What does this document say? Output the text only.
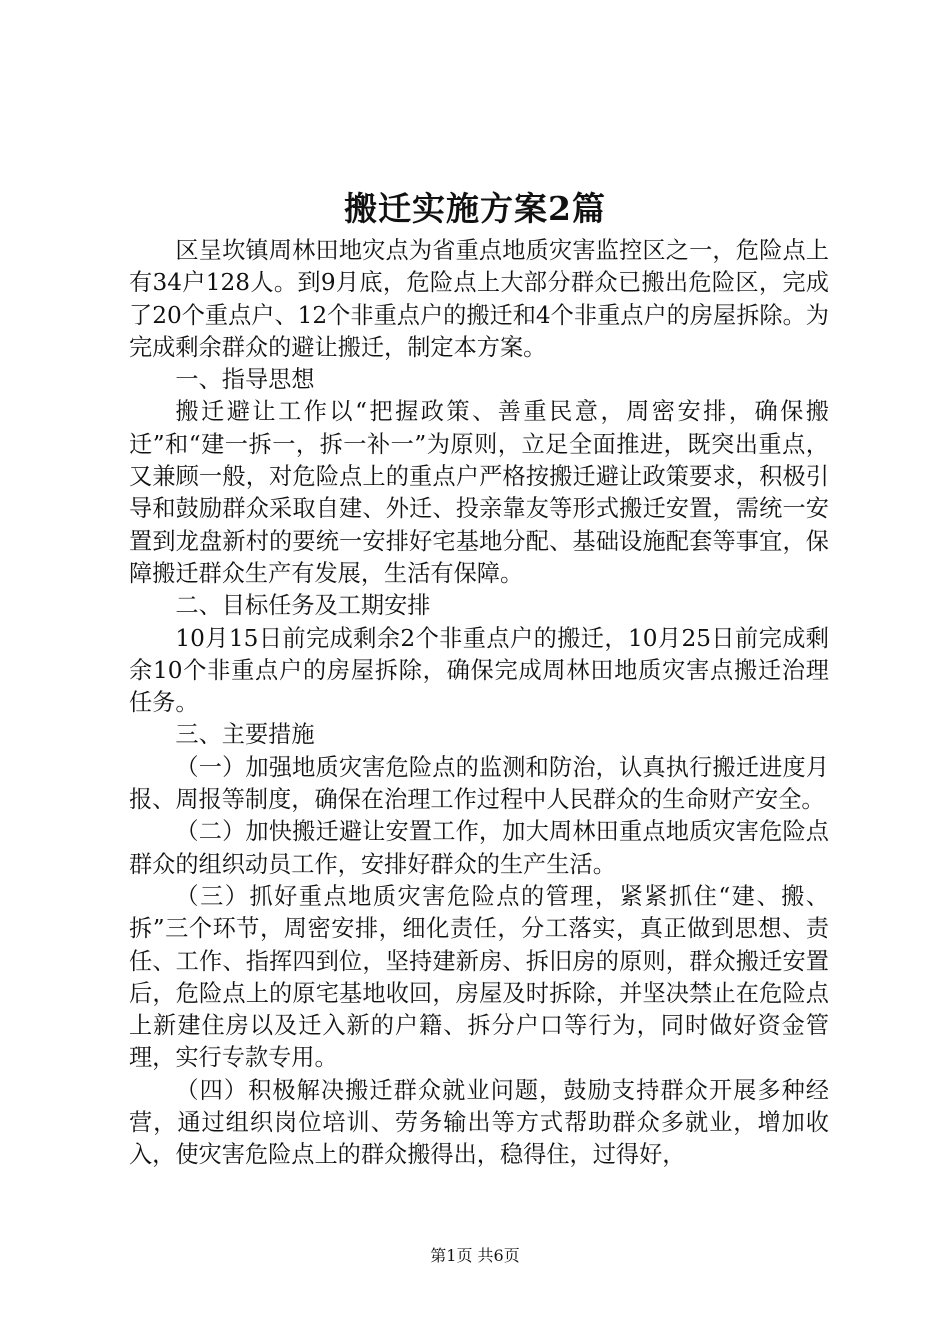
搬迁实施方案2篇

区呈坎镇周林田地灾点为省重点地质灾害监控区之一，危险点上有34户128人。到9月底，危险点上大部分群众已搬出危险区，完成了20个重点户、12个非重点户的搬迁和4个非重点户的房屋拆除。为完成剩余群众的避让搬迁，制定本方案。

一、指导思想

搬迁避让工作以“把握政策、善重民意，周密安排，确保搬迁”和“建一拆一，拆一补一”为原则，立足全面推进，既突出重点，又兼顾一般，对危险点上的重点户严格按搬迁避让政策要求，积极引导和鼓励群众采取自建、外迁、投亲靠友等形式搬迁安置，需统一安置到龙盘新村的要统一安排好宅基地分配、基础设施配套等事宜，保障搬迁群众生产有发展，生活有保障。

二、目标任务及工期安排

10月15日前完成剩余2个非重点户的搬迁，10月25日前完成剩余10个非重点户的房屋拆除，确保完成周林田地质灾害点搬迁治理任务。

三、主要措施

（一）加强地质灾害危险点的监测和防治，认真执行搬迁进度月报、周报等制度，确保在治理工作过程中人民群众的生命财产安全。

（二）加快搬迁避让安置工作，加大周林田重点地质灾害危险点群众的组织动员工作，安排好群众的生产生活。

（三）抓好重点地质灾害危险点的管理，紧紧抓住“建、搬、拆”三个环节，周密安排，细化责任，分工落实，真正做到思想、责任、工作、指挥四到位，坚持建新房、拆旧房的原则，群众搬迁安置后，危险点上的原宅基地收回，房屋及时拆除，并坚决禁止在危险点上新建住房以及迁入新的户籍、拆分户口等行为，同时做好资金管理，实行专款专用。

（四）积极解决搬迁群众就业问题，鼓励支持群众开展多种经营，通过组织岗位培训、劳务输出等方式帮助群众多就业，增加收入，使灾害危险点上的群众搬得出，稳得住，过得好，

第1页 共6页
